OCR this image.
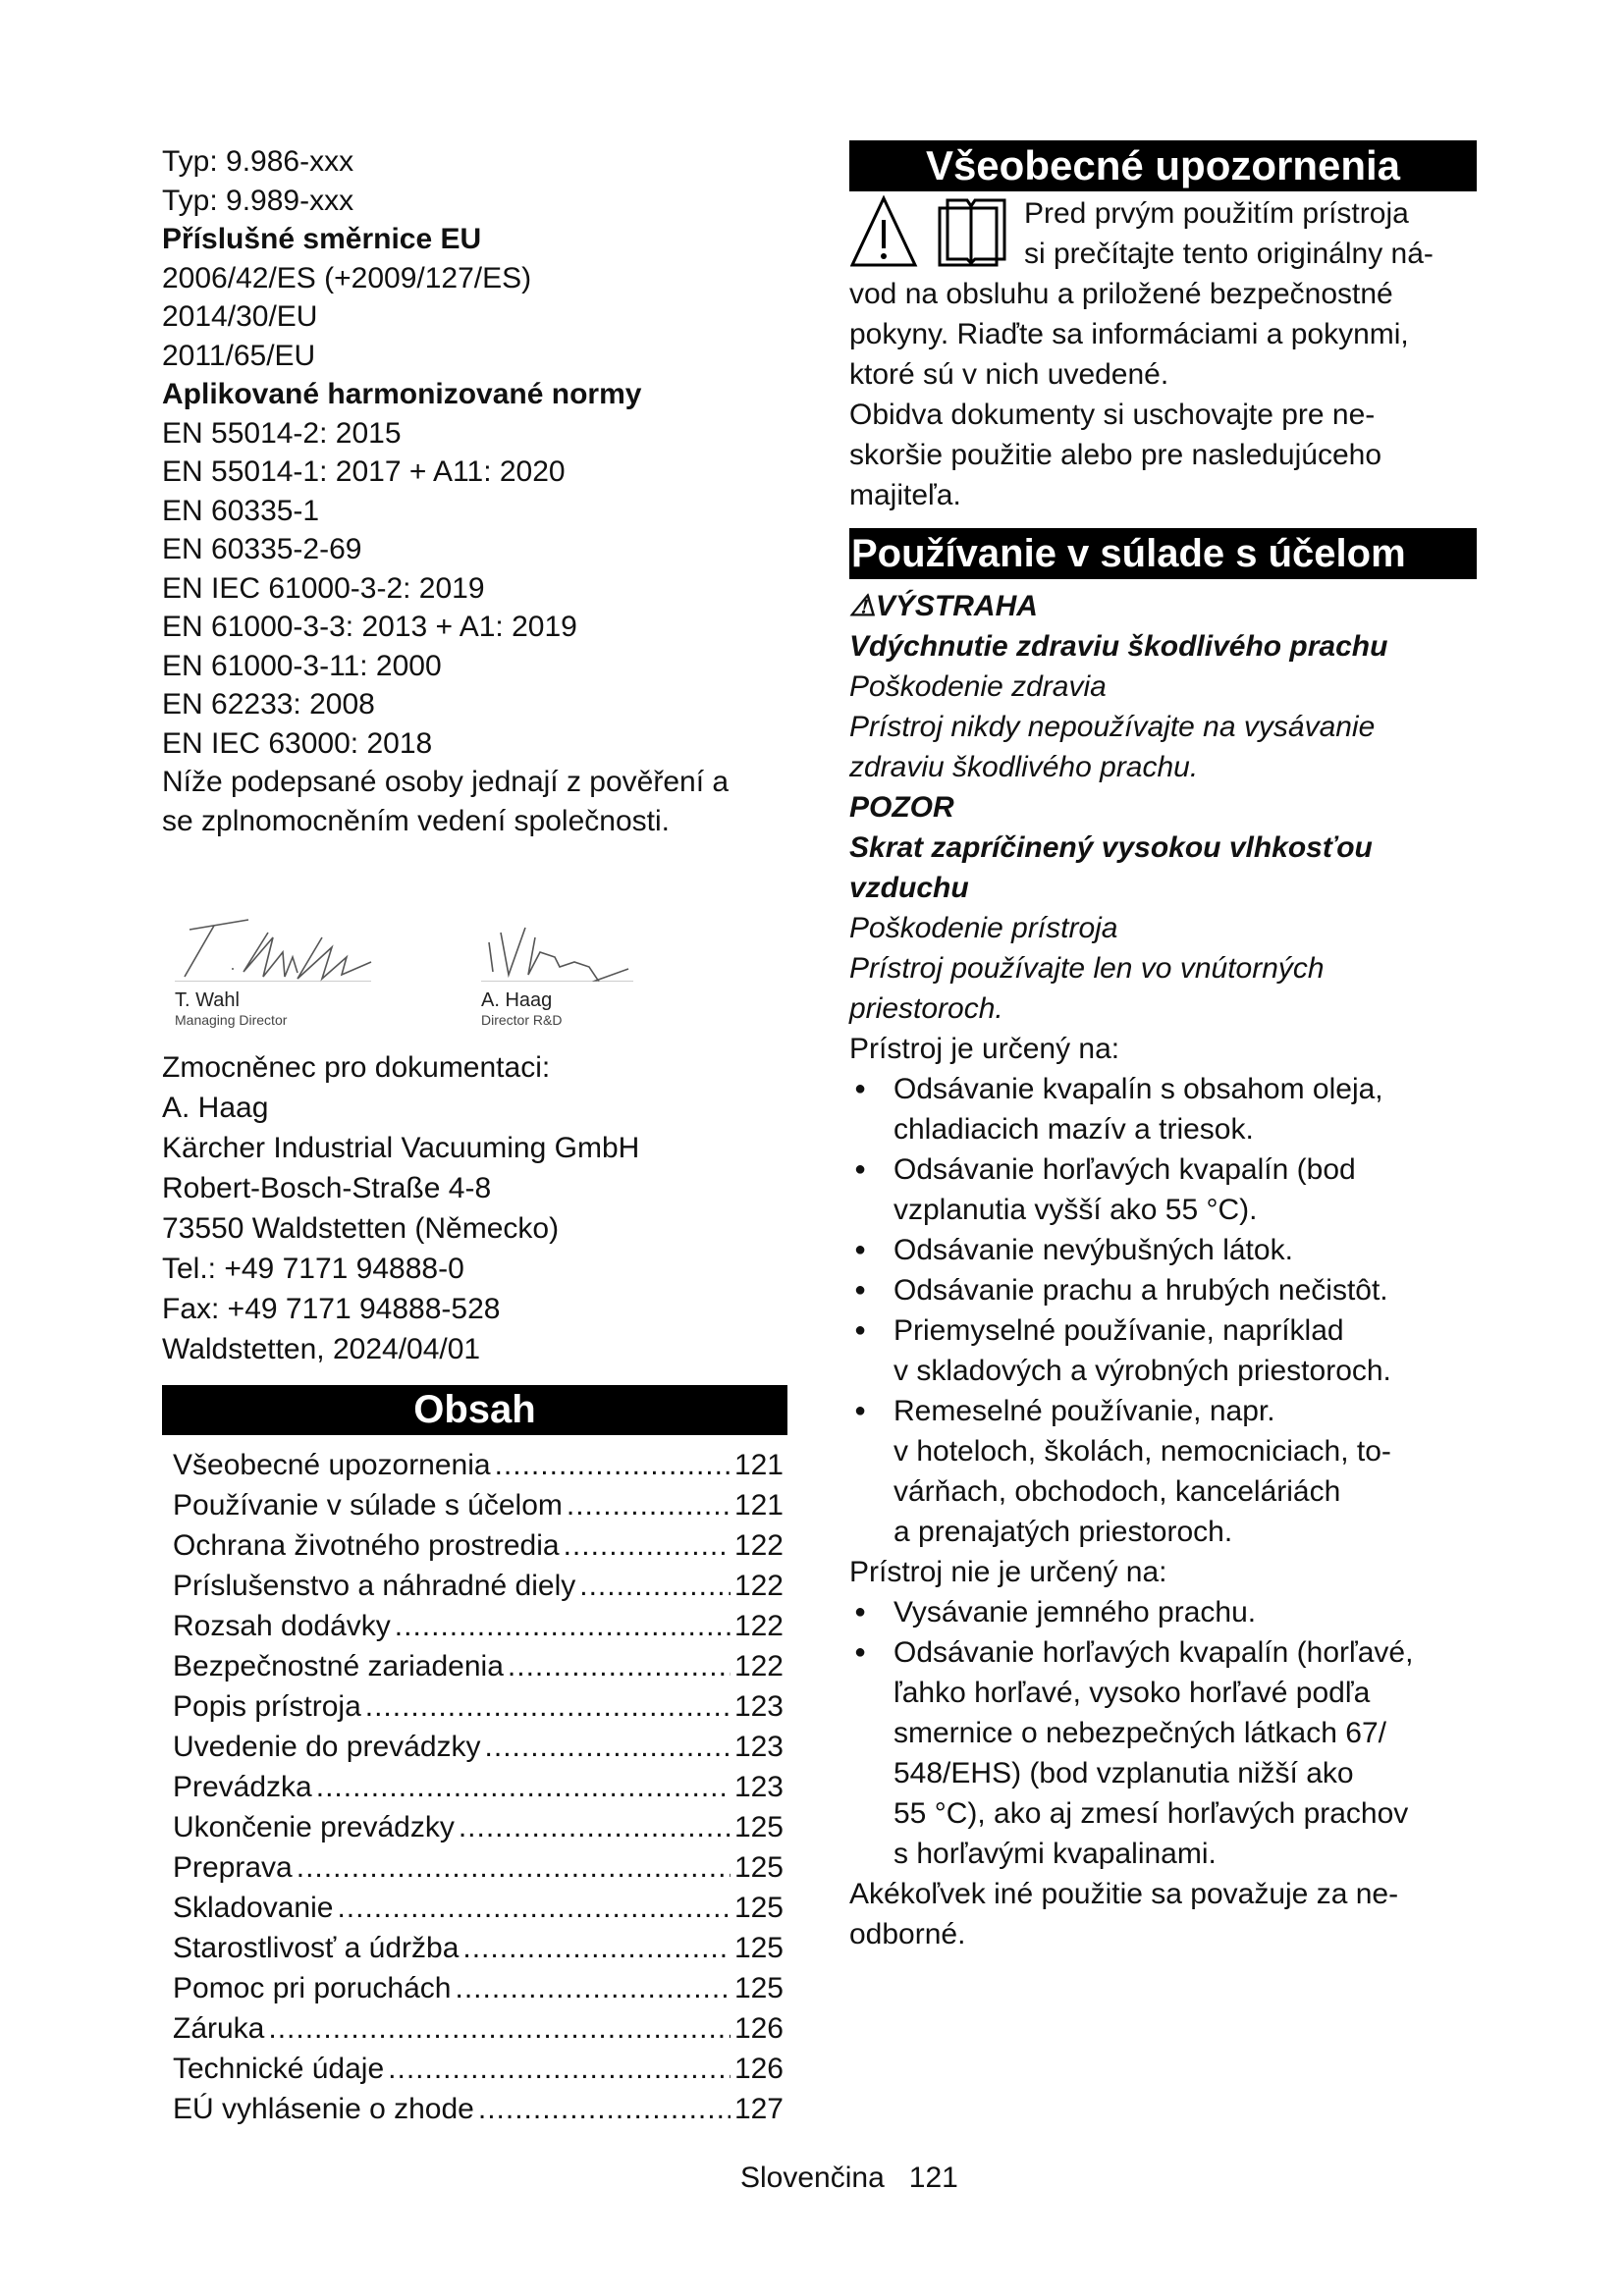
Typ: 9.986-xxx
Typ: 9.989-xxx
Příslušné směrnice EU
2006/42/ES (+2009/127/ES)
2014/30/EU
2011/65/EU
Aplikované harmonizované normy
EN 55014-2: 2015
EN 55014-1: 2017 + A11: 2020
EN 60335-1
EN 60335-2-69
EN IEC 61000-3-2: 2019
EN 61000-3-3: 2013 + A1: 2019
EN 61000-3-11: 2000
EN 62233: 2008
EN IEC 63000: 2018
Níže podepsané osoby jednají z pověření a
se zplnomocněním vedení společnosti.
T. Wahl
Managing Director
A. Haag
Director R&D
Zmocněnec pro dokumentaci:
A. Haag
Kärcher Industrial Vacuuming GmbH
Robert-Bosch-Straße 4-8
73550 Waldstetten (Německo)
Tel.: +49 7171 94888-0
Fax: +49 7171 94888-528
Waldstetten, 2024/04/01
Obsah
Všeobecné upozornenia .....	121
Používanie v súlade s účelom .....	121
Ochrana životného prostredia .....	122
Príslušenstvo a náhradné diely .....	122
Rozsah dodávky .....	122
Bezpečnostné zariadenia .....	122
Popis prístroja .....	123
Uvedenie do prevádzky .....	123
Prevádzka .....	123
Ukončenie prevádzky .....	125
Preprava .....	125
Skladovanie .....	125
Starostlivosť a údržba .....	125
Pomoc pri poruchách .....	125
Záruka .....	126
Technické údaje .....	126
EÚ vyhlásenie o zhode .....	127
Všeobecné upozornenia
Pred prvým použitím prístroja
si prečítajte tento originálny ná-
vod na obsluhu a priložené bezpečnostné
pokyny. Riaďte sa informáciami a pokynmi,
ktoré sú v nich uvedené.
Obidva dokumenty si uschovajte pre ne-
skoršie použitie alebo pre nasledujúceho
majiteľa.
Používanie v súlade s účelom
⚠VÝSTRAHA
Vdýchnutie zdraviu škodlivého prachu
Poškodenie zdravia
Prístroj nikdy nepoužívajte na vysávanie
zdraviu škodlivého prachu.
POZOR
Skrat zapríčinený vysokou vlhkosťou
vzduchu
Poškodenie prístroja
Prístroj používajte len vo vnútorných
priestoroch.
Prístroj je určený na:
● Odsávanie kvapalín s obsahom oleja,
chladiacich mazív a triesok.
● Odsávanie horľavých kvapalín (bod
vzplanutia vyšší ako 55 °C).
● Odsávanie nevýbušných látok.
● Odsávanie prachu a hrubých nečistôt.
● Priemyselné používanie, napríklad
v skladových a výrobných priestoroch.
● Remeselné používanie, napr.
v hoteloch, školách, nemocniciach, to-
várňach, obchodoch, kanceláriách
a prenajatých priestoroch.
Prístroj nie je určený na:
● Vysávanie jemného prachu.
● Odsávanie horľavých kvapalín (horľavé,
ľahko horľavé, vysoko horľavé podľa
smernice o nebezpečných látkach 67/
548/EHS) (bod vzplanutia nižší ako
55 °C), ako aj zmesí horľavých prachov
s horľavými kvapalinami.
Akékoľvek iné použitie sa považuje za ne-
odborné.
Slovenčina 121
